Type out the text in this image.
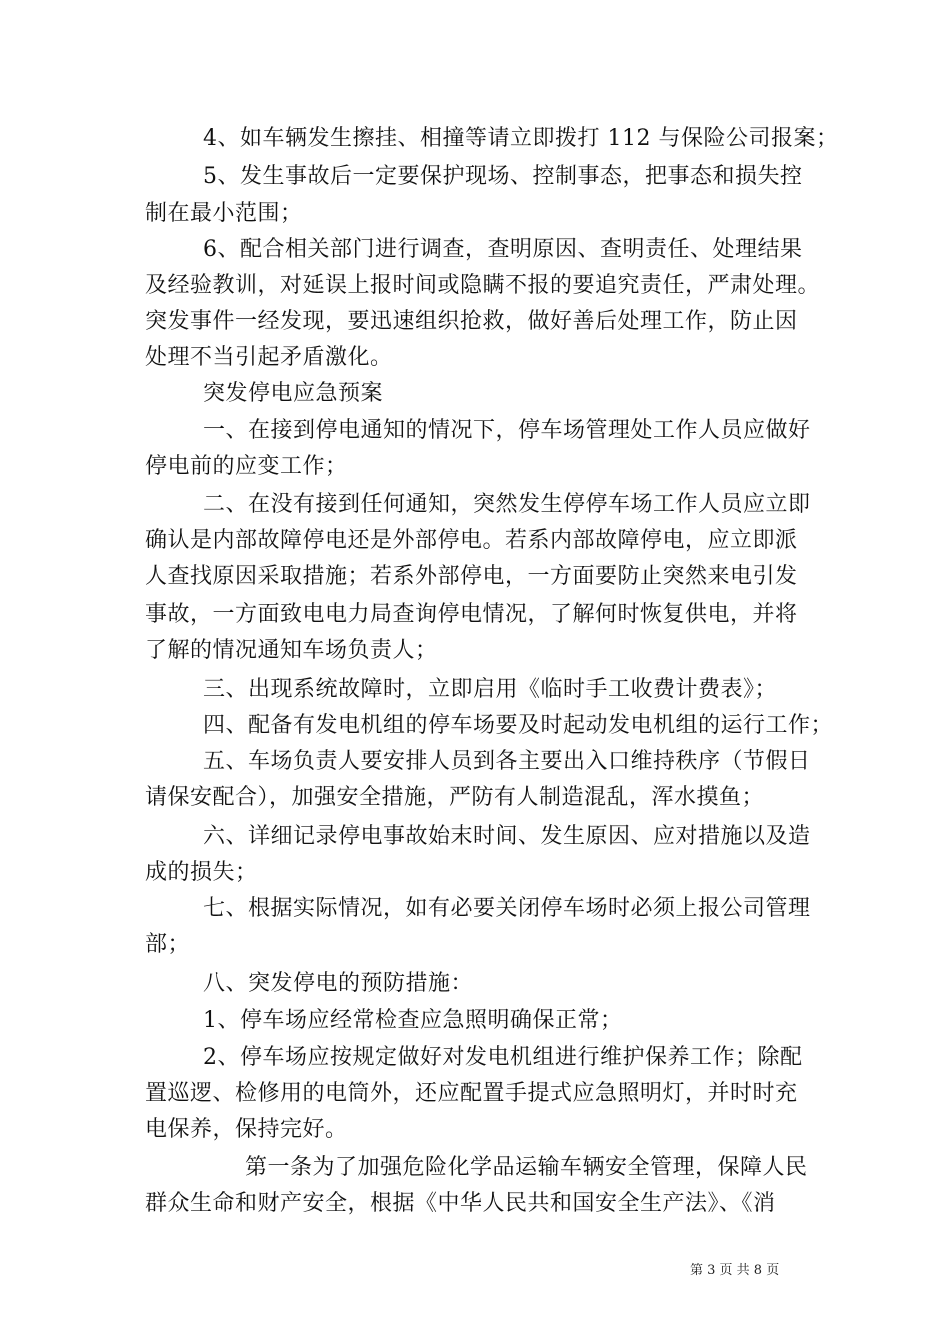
4、如车辆发生擦挂、相撞等请立即拨打 112 与保险公司报案；
5、发生事故后一定要保护现场、控制事态，把事态和损失控
制在最小范围；
6、配合相关部门进行调查，查明原因、查明责任、处理结果
及经验教训，对延误上报时间或隐瞒不报的要追究责任，严肃处理。
突发事件一经发现，要迅速组织抢救，做好善后处理工作，防止因
处理不当引起矛盾激化。
突发停电应急预案
一、在接到停电通知的情况下，停车场管理处工作人员应做好
停电前的应变工作；
二、在没有接到任何通知，突然发生停停车场工作人员应立即
确认是内部故障停电还是外部停电。若系内部故障停电，应立即派
人查找原因采取措施；若系外部停电，一方面要防止突然来电引发
事故，一方面致电电力局查询停电情况，了解何时恢复供电，并将
了解的情况通知车场负责人；
三、出现系统故障时，立即启用《临时手工收费计费表》；
四、配备有发电机组的停车场要及时起动发电机组的运行工作；
五、车场负责人要安排人员到各主要出入口维持秩序（节假日
请保安配合），加强安全措施，严防有人制造混乱，浑水摸鱼；
六、详细记录停电事故始末时间、发生原因、应对措施以及造
成的损失；
七、根据实际情况，如有必要关闭停车场时必须上报公司管理
部；
八、突发停电的预防措施：
1、停车场应经常检查应急照明确保正常；
2、停车场应按规定做好对发电机组进行维护保养工作；除配
置巡逻、检修用的电筒外，还应配置手提式应急照明灯，并时时充
电保养，保持完好。
第一条为了加强危险化学品运输车辆安全管理，保障人民
群众生命和财产安全，根据《中华人民共和国安全生产法》、《消
第 3 页 共 8 页
